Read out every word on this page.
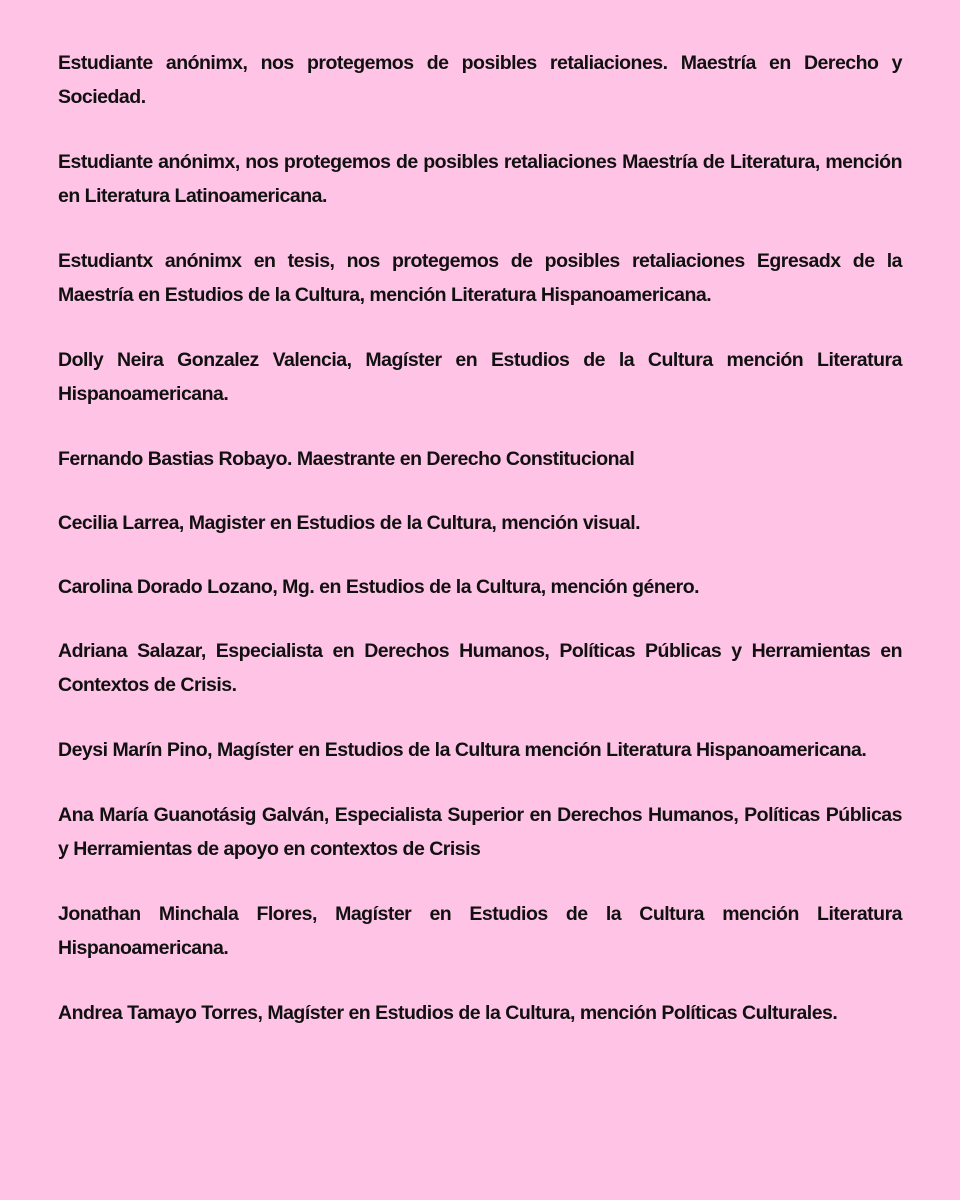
Estudiante anónimx, nos protegemos de posibles retaliaciones. Maestría en Derecho y Sociedad.

Estudiante anónimx, nos protegemos de posibles retaliaciones Maestría de Literatura, mención en Literatura Latinoamericana.

Estudiantx anónimx en tesis, nos protegemos de posibles retaliaciones Egresadx de la Maestría en Estudios de la Cultura, mención Literatura Hispanoamericana.

Dolly Neira Gonzalez Valencia, Magíster en Estudios de la Cultura mención Literatura Hispanoamericana.

Fernando Bastias Robayo. Maestrante en Derecho Constitucional

Cecilia Larrea, Magister en Estudios de la Cultura, mención visual.

Carolina Dorado Lozano, Mg. en Estudios de la Cultura, mención género.

Adriana Salazar, Especialista en Derechos Humanos, Políticas Públicas y Herramientas en Contextos de Crisis.

Deysi Marín Pino, Magíster en Estudios de la Cultura mención Literatura Hispanoamericana.

Ana María Guanotásig Galván, Especialista Superior en Derechos Humanos, Políticas Públicas y Herramientas de apoyo en contextos de Crisis

Jonathan Minchala Flores, Magíster en Estudios de la Cultura mención Literatura Hispanoamericana.

Andrea Tamayo Torres, Magíster en Estudios de la Cultura, mención Políticas Culturales.
